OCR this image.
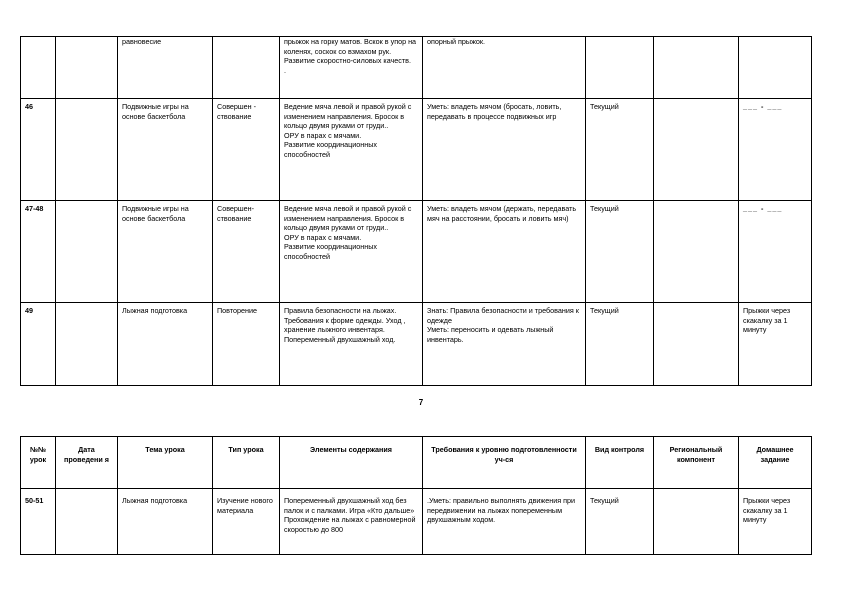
		равновесие		прыжок на горку матов. Вскок в упор на коленях, соскок со взмахом рук. Развитие скоростно-силовых качеств.
.	опорный прыжок.			
46		Подвижные игры на основе баскетбола	Совершен - ствование	Ведение мяча левой и правой рукой с изменением направления. Бросок в кольцо двумя руками от груди..
ОРУ в парах с мячами.
Развитие координационных способностей	Уметь: владеть мячом (бросать, ловить, передавать в процессе подвижных игр	Текущий		___ - ___
47-48		Подвижные игры на основе баскетбола	Совершен-ствование	Ведение мяча левой и правой рукой с изменением направления. Бросок в кольцо двумя руками от груди..
ОРУ в парах с мячами.
Развитие координационных способностей	Уметь: владеть мячом (держать, передавать мяч на расстоянии, бросать и ловить мяч)	Текущий		___ - ___
49		Лыжная подготовка	Повторение	Правила безопасности на лыжах. Требования к форме одежды. Уход , хранение лыжного инвентаря.
Попеременный двухшажный ход.	Знать: Правила безопасности и требования к одежде
Уметь: переносить и одевать лыжный инвентарь.	Текущий		Прыжки через скакалку за 1 минуту
7
№№ урок	Дата проведени я	Тема урока	Тип урока	Элементы содержания	Требования к уровню подготовленности уч-ся	Вид контроля	Региональный компонент	Домашнее задание
50-51		Лыжная подготовка	Изучение нового материала	Попеременный двухшажный ход без палок и с палками. Игра «Кто дальше»
Прохождение на лыжах с равномерной скоростью до 800	.Уметь: правильно выполнять движения при передвижении на лыжах попеременным двухшажным ходом.	Текущий		Прыжки через скакалку за 1 минуту
